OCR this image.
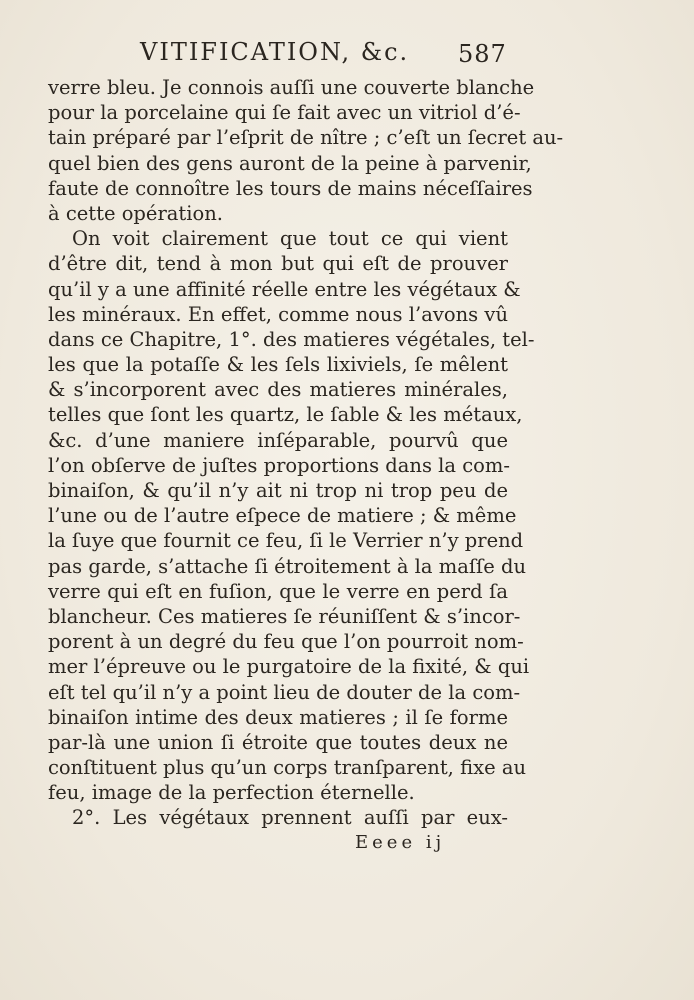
VITIFICATION, &c. 587
verre bleu. Je connois auſſi une couverte blanche
pour la porcelaine qui ſe fait avec un vitriol d’é-
tain préparé par l’eſprit de nître ; c’eſt un ſecret au-
quel bien des gens auront de la peine à parvenir,
faute de connoître les tours de mains néceſſaires
à cette opération.
On voit clairement que tout ce qui vient
d’être dit, tend à mon but qui eſt de prouver
qu’il y a une affinité réelle entre les végétaux &
les minéraux. En effet, comme nous l’avons vû
dans ce Chapitre, 1°. des matieres végétales, tel-
les que la potaſſe & les ſels lixiviels, ſe mêlent
& s’incorporent avec des matieres minérales,
telles que ſont les quartz, le ſable & les métaux,
&c. d’une maniere inſéparable, pourvû que
l’on obſerve de juſtes proportions dans la com-
binaiſon, & qu’il n’y ait ni trop ni trop peu de
l’une ou de l’autre eſpece de matiere ; & même
la ſuye que fournit ce feu, ſi le Verrier n’y prend
pas garde, s’attache ſi étroitement à la maſſe du
verre qui eſt en fuſion, que le verre en perd ſa
blancheur. Ces matieres ſe réuniſſent & s’incor-
porent à un degré du feu que l’on pourroit nom-
mer l’épreuve ou le purgatoire de la fixité, & qui
eſt tel qu’il n’y a point lieu de douter de la com-
binaiſon intime des deux matieres ; il ſe forme
par-là une union ſi étroite que toutes deux ne
conſtituent plus qu’un corps tranſparent, fixe au
feu, image de la perfection éternelle.
2°. Les végétaux prennent auſſi par eux-
Eeee ij
